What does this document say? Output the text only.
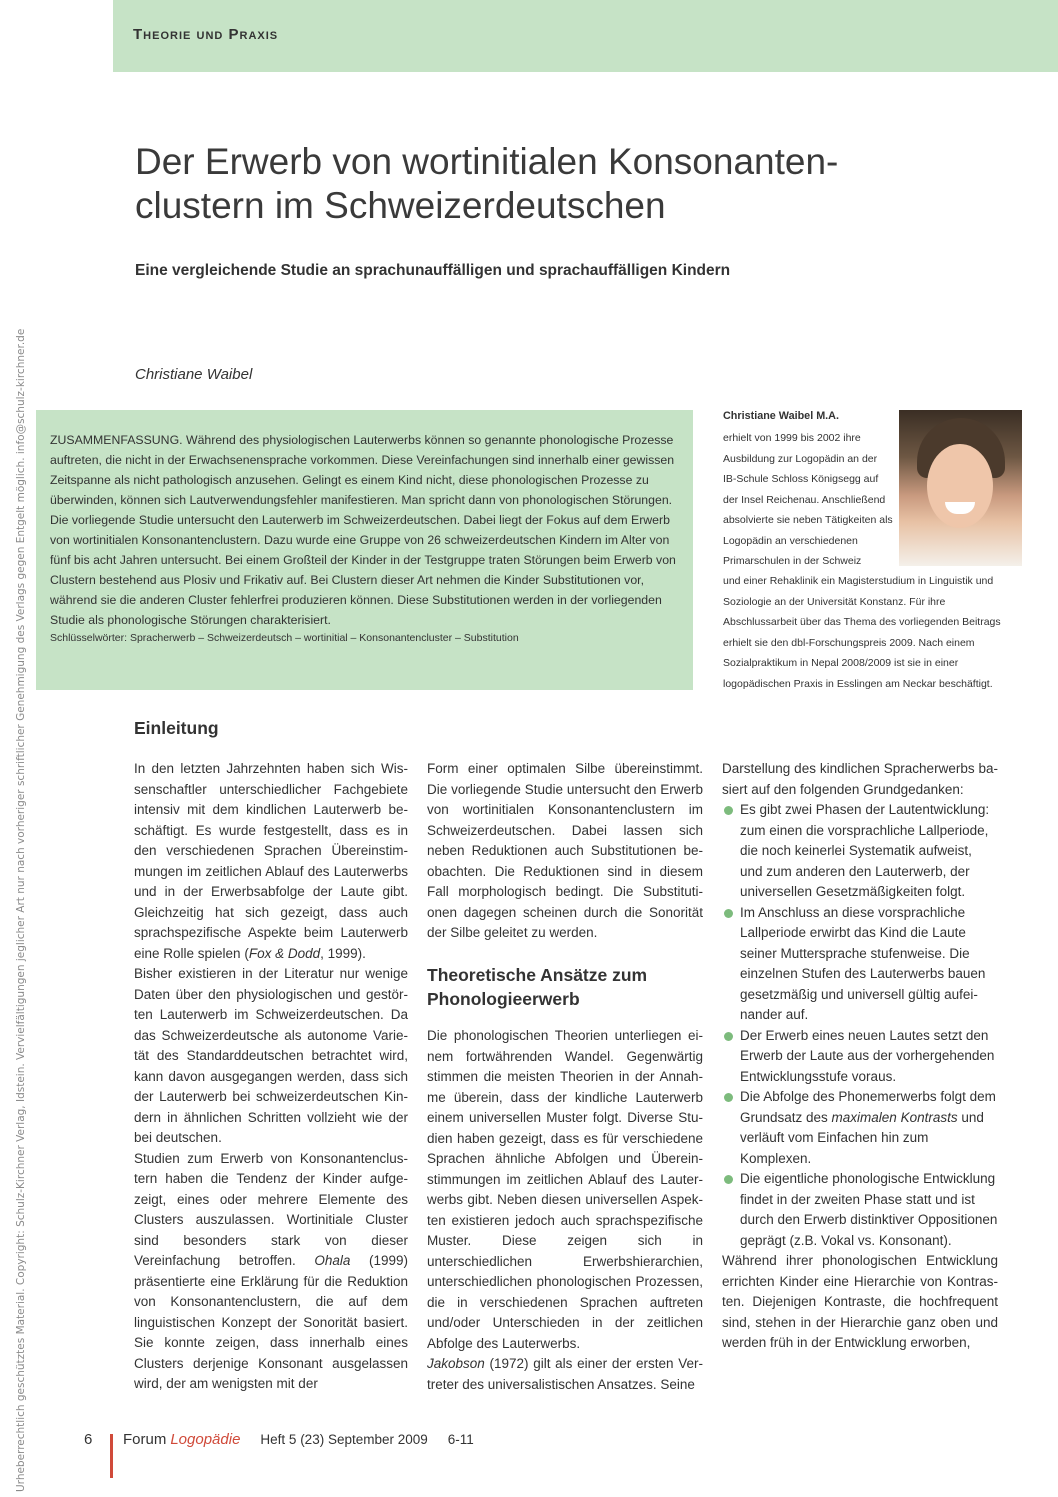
Theorie und Praxis
Urheberrechtlich geschütztes Material. Copyright: Schulz-Kirchner Verlag, Idstein. Vervielfältigungen jeglicher Art nur nach vorheriger schriftlicher Genehmigung des Verlags gegen Entgelt möglich. info@schulz-kirchner.de
Der Erwerb von wortinitialen Konsonanten-clustern im Schweizerdeutschen
Eine vergleichende Studie an sprachunauffälligen und sprachauffälligen Kindern
Christiane Waibel

ZUSAMMENFASSUNG. Während des physiologischen Lauterwerbs können so genannte phonologische Prozesse auftreten, die nicht in der Erwachsenensprache vorkommen. Diese Vereinfachungen sind innerhalb einer gewissen Zeitspanne als nicht pathologisch anzusehen. Gelingt es einem Kind nicht, diese phonologischen Prozesse zu überwinden, können sich Lautverwendungsfehler manifestieren. Man spricht dann von phonologischen Störungen. Die vorliegende Studie untersucht den Lauterwerb im Schweizerdeutschen. Dabei liegt der Fokus auf dem Erwerb von wortinitialen Konsonantenclustern. Dazu wurde eine Gruppe von 26 schweizerdeutschen Kindern im Alter von fünf bis acht Jahren untersucht. Bei einem Großteil der Kinder in der Testgruppe traten Störungen beim Erwerb von Clustern bestehend aus Plosiv und Frikativ auf. Bei Clustern dieser Art nehmen die Kinder Substitutionen vor, während sie die anderen Cluster fehlerfrei produzieren können. Diese Substitutionen werden in der vorliegenden Studie als phonologische Störungen charakterisiert.

Schlüsselwörter: Spracherwerb – Schweizerdeutsch – wortinitial – Konsonantencluster – Substitution

Christiane Waibel M.A.

erhielt von 1999 bis 2002 ihre Ausbildung zur Logopädin an der IB-Schule Schloss Königsegg auf der Insel Reichenau. Anschließend absolvierte sie neben Tätigkeiten als Logopädin an verschiedenen Primarschulen in der Schweiz

und einer Rehaklinik ein Magisterstudium in Linguistik und Soziologie an der Universität Konstanz. Für ihre Abschlussarbeit über das Thema des vorliegenden Beitrags erhielt sie den dbl-Forschungspreis 2009. Nach einem Sozialpraktikum in Nepal 2008/2009 ist sie in einer logopädischen Praxis in Esslingen am Neckar beschäftigt.

Einleitung

In den letzten Jahrzehnten haben sich Wissenschaftler unterschiedlicher Fachgebiete intensiv mit dem kindlichen Lauterwerb beschäftigt. Es wurde festgestellt, dass es in den verschiedenen Sprachen Übereinstimmungen im zeitlichen Ablauf des Lauterwerbs und in der Erwerbsabfolge der Laute gibt. Gleichzeitig hat sich gezeigt, dass auch sprachspezifische Aspekte beim Lauterwerb eine Rolle spielen (Fox & Dodd, 1999).

Bisher existieren in der Literatur nur wenige Daten über den physiologischen und gestörten Lauterwerb im Schweizerdeutschen. Da das Schweizerdeutsche als autonome Varietät des Standarddeutschen betrachtet wird, kann davon ausgegangen werden, dass sich der Lauterwerb bei schweizerdeutschen Kindern in ähnlichen Schritten vollzieht wie der bei deutschen.

Studien zum Erwerb von Konsonantenclustern haben die Tendenz der Kinder aufgezeigt, eines oder mehrere Elemente des Clusters auszulassen. Wortinitiale Cluster sind besonders stark von dieser Vereinfachung betroffen. Ohala (1999) präsentierte eine Erklärung für die Reduktion von Konsonantenclustern, die auf dem linguistischen Konzept der Sonorität basiert. Sie konnte zeigen, dass innerhalb eines Clusters derjenige Konsonant ausgelassen wird, der am wenigsten mit der

Form einer optimalen Silbe übereinstimmt. Die vorliegende Studie untersucht den Erwerb von wortinitialen Konsonantenclustern im Schweizerdeutschen. Dabei lassen sich neben Reduktionen auch Substitutionen beobachten. Die Reduktionen sind in diesem Fall morphologisch bedingt. Die Substitutionen dagegen scheinen durch die Sonorität der Silbe geleitet zu werden.

Theoretische Ansätze zum Phonologieerwerb

Die phonologischen Theorien unterliegen einem fortwährenden Wandel. Gegenwärtig stimmen die meisten Theorien in der Annahme überein, dass der kindliche Lauterwerb einem universellen Muster folgt. Diverse Studien haben gezeigt, dass es für verschiedene Sprachen ähnliche Abfolgen und Übereinstimmungen im zeitlichen Ablauf des Lauterwerbs gibt. Neben diesen universellen Aspekten existieren jedoch auch sprachspezifische Muster. Diese zeigen sich in unterschiedlichen Erwerbshierarchien, unterschiedlichen phonologischen Prozessen, die in verschiedenen Sprachen auftreten und/oder Unterschieden in der zeitlichen Abfolge des Lauterwerbs.

Jakobson (1972) gilt als einer der ersten Vertreter des universalistischen Ansatzes. Seine

Darstellung des kindlichen Spracherwerbs basiert auf den folgenden Grundgedanken:

Es gibt zwei Phasen der Lautentwicklung: zum einen die vorsprachliche Lallperiode, die noch keinerlei Systematik aufweist, und zum anderen den Lauterwerb, der universellen Gesetzmäßigkeiten folgt.
Im Anschluss an diese vorsprachliche Lallperiode erwirbt das Kind die Laute seiner Muttersprache stufenweise. Die einzelnen Stufen des Lauterwerbs bauen gesetzmäßig und universell gültig aufeinander auf.
Der Erwerb eines neuen Lautes setzt den Erwerb der Laute aus der vorhergehenden Entwicklungsstufe voraus.
Die Abfolge des Phonemerwerbs folgt dem Grundsatz des maximalen Kontrasts und verläuft vom Einfachen hin zum Komplexen.
Die eigentliche phonologische Entwicklung findet in der zweiten Phase statt und ist durch den Erwerb distinktiver Oppositionen geprägt (z.B. Vokal vs. Konsonant).

Während ihrer phonologischen Entwicklung errichten Kinder eine Hierarchie von Kontrasten. Diejenigen Kontraste, die hochfrequent sind, stehen in der Hierarchie ganz oben und werden früh in der Entwicklung erworben,

6 Forum Logopädie Heft 5 (23) September 2009 6-11
